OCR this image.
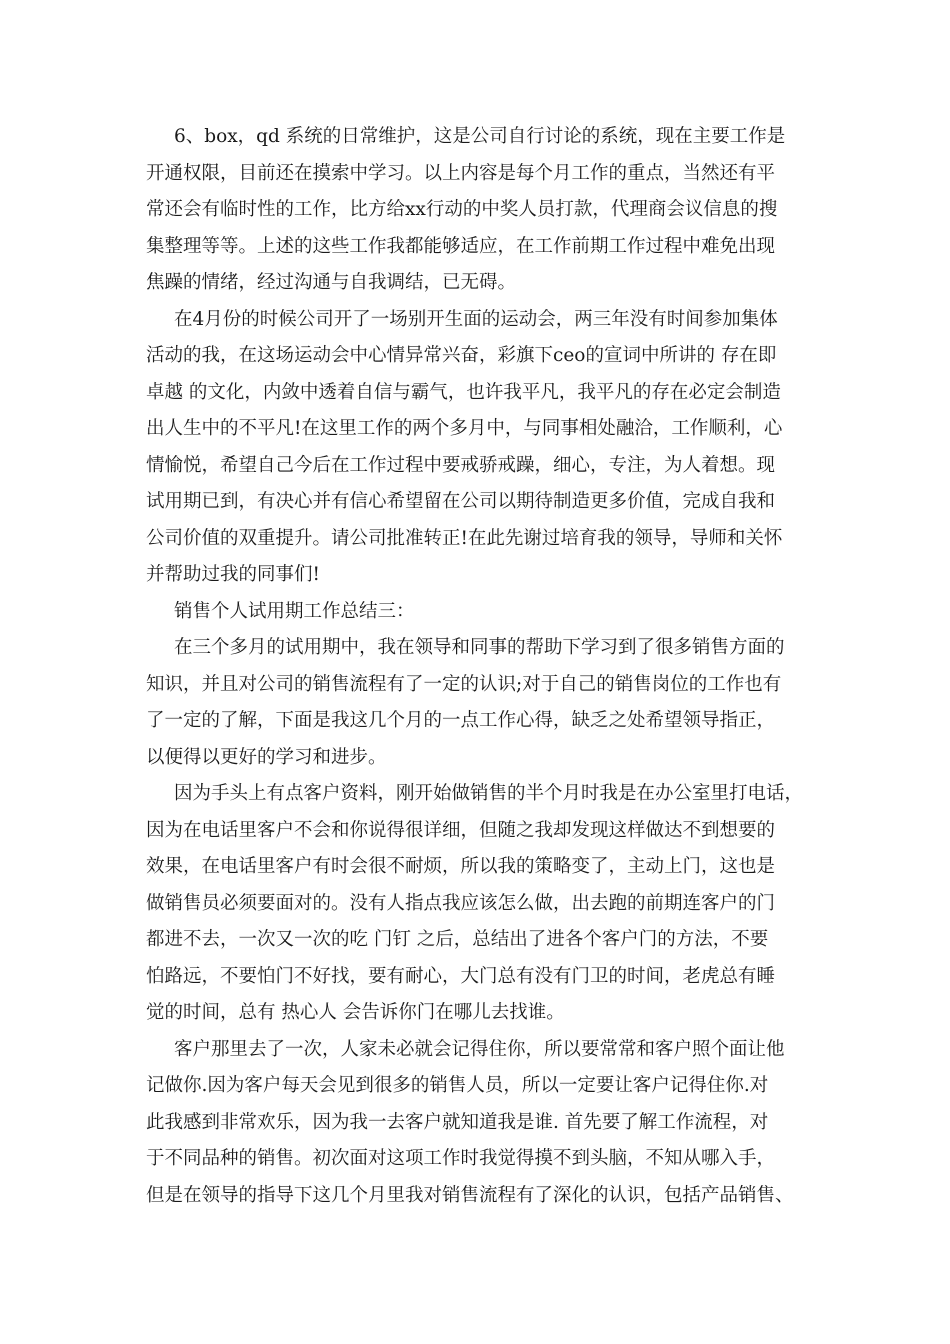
6、box，qd 系统的日常维护，这是公司自行讨论的系统，现在主要工作是
开通权限，目前还在摸索中学习。以上内容是每个月工作的重点，当然还有平
常还会有临时性的工作，比方给xx行动的中奖人员打款，代理商会议信息的搜
集整理等等。上述的这些工作我都能够适应，在工作前期工作过程中难免出现
焦躁的情绪，经过沟通与自我调结，已无碍。
在4月份的时候公司开了一场别开生面的运动会，两三年没有时间参加集体
活动的我，在这场运动会中心情异常兴奋，彩旗下ceo的宣词中所讲的 存在即
卓越 的文化，内敛中透着自信与霸气，也许我平凡，我平凡的存在必定会制造
出人生中的不平凡!在这里工作的两个多月中，与同事相处融洽，工作顺利，心
情愉悦，希望自己今后在工作过程中要戒骄戒躁，细心，专注，为人着想。现
试用期已到，有决心并有信心希望留在公司以期待制造更多价值，完成自我和
公司价值的双重提升。请公司批准转正!在此先谢过培育我的领导，导师和关怀
并帮助过我的同事们!
销售个人试用期工作总结三：
在三个多月的试用期中，我在领导和同事的帮助下学习到了很多销售方面的
知识，并且对公司的销售流程有了一定的认识;对于自己的销售岗位的工作也有
了一定的了解，下面是我这几个月的一点工作心得，缺乏之处希望领导指正，
以便得以更好的学习和进步。
因为手头上有点客户资料，刚开始做销售的半个月时我是在办公室里打电话，
因为在电话里客户不会和你说得很详细，但随之我却发现这样做达不到想要的
效果，在电话里客户有时会很不耐烦，所以我的策略变了，主动上门，这也是
做销售员必须要面对的。没有人指点我应该怎么做，出去跑的前期连客户的门
都进不去，一次又一次的吃 门钉 之后，总结出了进各个客户门的方法，不要
怕路远，不要怕门不好找，要有耐心，大门总有没有门卫的时间，老虎总有睡
觉的时间，总有 热心人 会告诉你门在哪儿去找谁。
客户那里去了一次，人家未必就会记得住你，所以要常常和客户照个面让他
记做你.因为客户每天会见到很多的销售人员，所以一定要让客户记得住你.对
此我感到非常欢乐，因为我一去客户就知道我是谁. 首先要了解工作流程，对
于不同品种的销售。初次面对这项工作时我觉得摸不到头脑，不知从哪入手，
但是在领导的指导下这几个月里我对销售流程有了深化的认识，包括产品销售、
